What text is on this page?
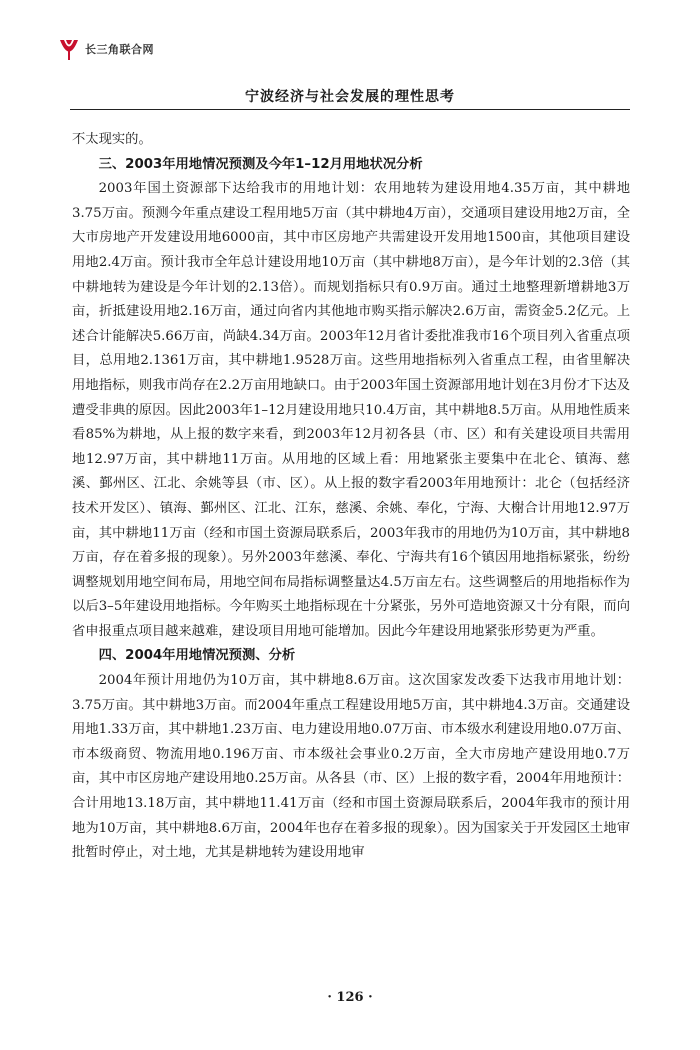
长三角联合网
宁波经济与社会发展的理性思考

不太现实的。

三、2003年用地情况预测及今年1–12月用地状况分析

2003年国土资源部下达给我市的用地计划：农用地转为建设用地4.35万亩，其中耕地3.75万亩。预测今年重点建设工程用地5万亩（其中耕地4万亩），交通项目建设用地2万亩，全大市房地产开发建设用地6000亩，其中市区房地产共需建设开发用地1500亩，其他项目建设用地2.4万亩。预计我市全年总计建设用地10万亩（其中耕地8万亩），是今年计划的2.3倍（其中耕地转为建设是今年计划的2.13倍）。而规划指标只有0.9万亩。通过土地整理新增耕地3万亩，折抵建设用地2.16万亩，通过向省内其他地市购买指示解决2.6万亩，需资金5.2亿元。上述合计能解决5.66万亩，尚缺4.34万亩。2003年12月省计委批准我市16个项目列入省重点项目，总用地2.1361万亩，其中耕地1.9528万亩。这些用地指标列入省重点工程，由省里解决用地指标，则我市尚存在2.2万亩用地缺口。由于2003年国土资源部用地计划在3月份才下达及遭受非典的原因。因此2003年1–12月建设用地只10.4万亩，其中耕地8.5万亩。从用地性质来看85%为耕地，从上报的数字来看，到2003年12月初各县（市、区）和有关建设项目共需用地12.97万亩，其中耕地11万亩。从用地的区域上看：用地紧张主要集中在北仑、镇海、慈溪、鄞州区、江北、余姚等县（市、区）。从上报的数字看2003年用地预计：北仑（包括经济技术开发区）、镇海、鄞州区、江北、江东，慈溪、余姚、奉化，宁海、大榭合计用地12.97万亩，其中耕地11万亩（经和市国土资源局联系后，2003年我市的用地仍为10万亩，其中耕地8万亩，存在着多报的现象）。另外2003年慈溪、奉化、宁海共有16个镇因用地指标紧张，纷纷调整规划用地空间布局，用地空间布局指标调整量达4.5万亩左右。这些调整后的用地指标作为以后3–5年建设用地指标。今年购买土地指标现在十分紧张，另外可造地资源又十分有限，而向省申报重点项目越来越难，建设项目用地可能增加。因此今年建设用地紧张形势更为严重。

四、2004年用地情况预测、分析

2004年预计用地仍为10万亩，其中耕地8.6万亩。这次国家发改委下达我市用地计划：3.75万亩。其中耕地3万亩。而2004年重点工程建设用地5万亩，其中耕地4.3万亩。交通建设用地1.33万亩，其中耕地1.23万亩、电力建设用地0.07万亩、市本级水利建设用地0.07万亩、市本级商贸、物流用地0.196万亩、市本级社会事业0.2万亩，全大市房地产建设用地0.7万亩，其中市区房地产建设用地0.25万亩。从各县（市、区）上报的数字看，2004年用地预计：合计用地13.18万亩，其中耕地11.41万亩（经和市国土资源局联系后，2004年我市的预计用地为10万亩，其中耕地8.6万亩，2004年也存在着多报的现象）。因为国家关于开发园区土地审批暂时停止，对土地，尤其是耕地转为建设用地审

· 126 ·
